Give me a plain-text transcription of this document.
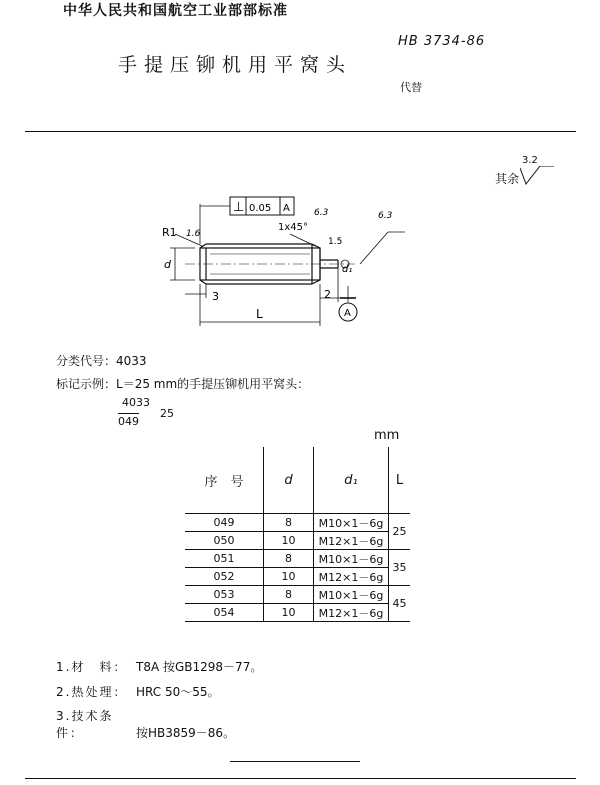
中华人民共和国航空工业部部标准
HB 3734-86
手提压铆机用平窝头
代替
其余
3.2
⊥ 0.05 A
R1	1x45°
1.6
6.3	6.3
1.5
d	d₁
3	2
L	A
分类代号：4033
标记示例：L＝25 mm的手提压铆机用平窝头：
4033
049
25
mm
序　号	d	d₁	L
049	8	M10×1－6g	25
050	10	M12×1－6g	
051	8	M10×1－6g	35
052	10	M12×1－6g	
053	8	M10×1－6g	45
054	10	M12×1－6g	
1.材　料： T8A 按GB1298－77。
2.热处理： HRC 50～55。
3.技术条件：	按HB3859－86。
